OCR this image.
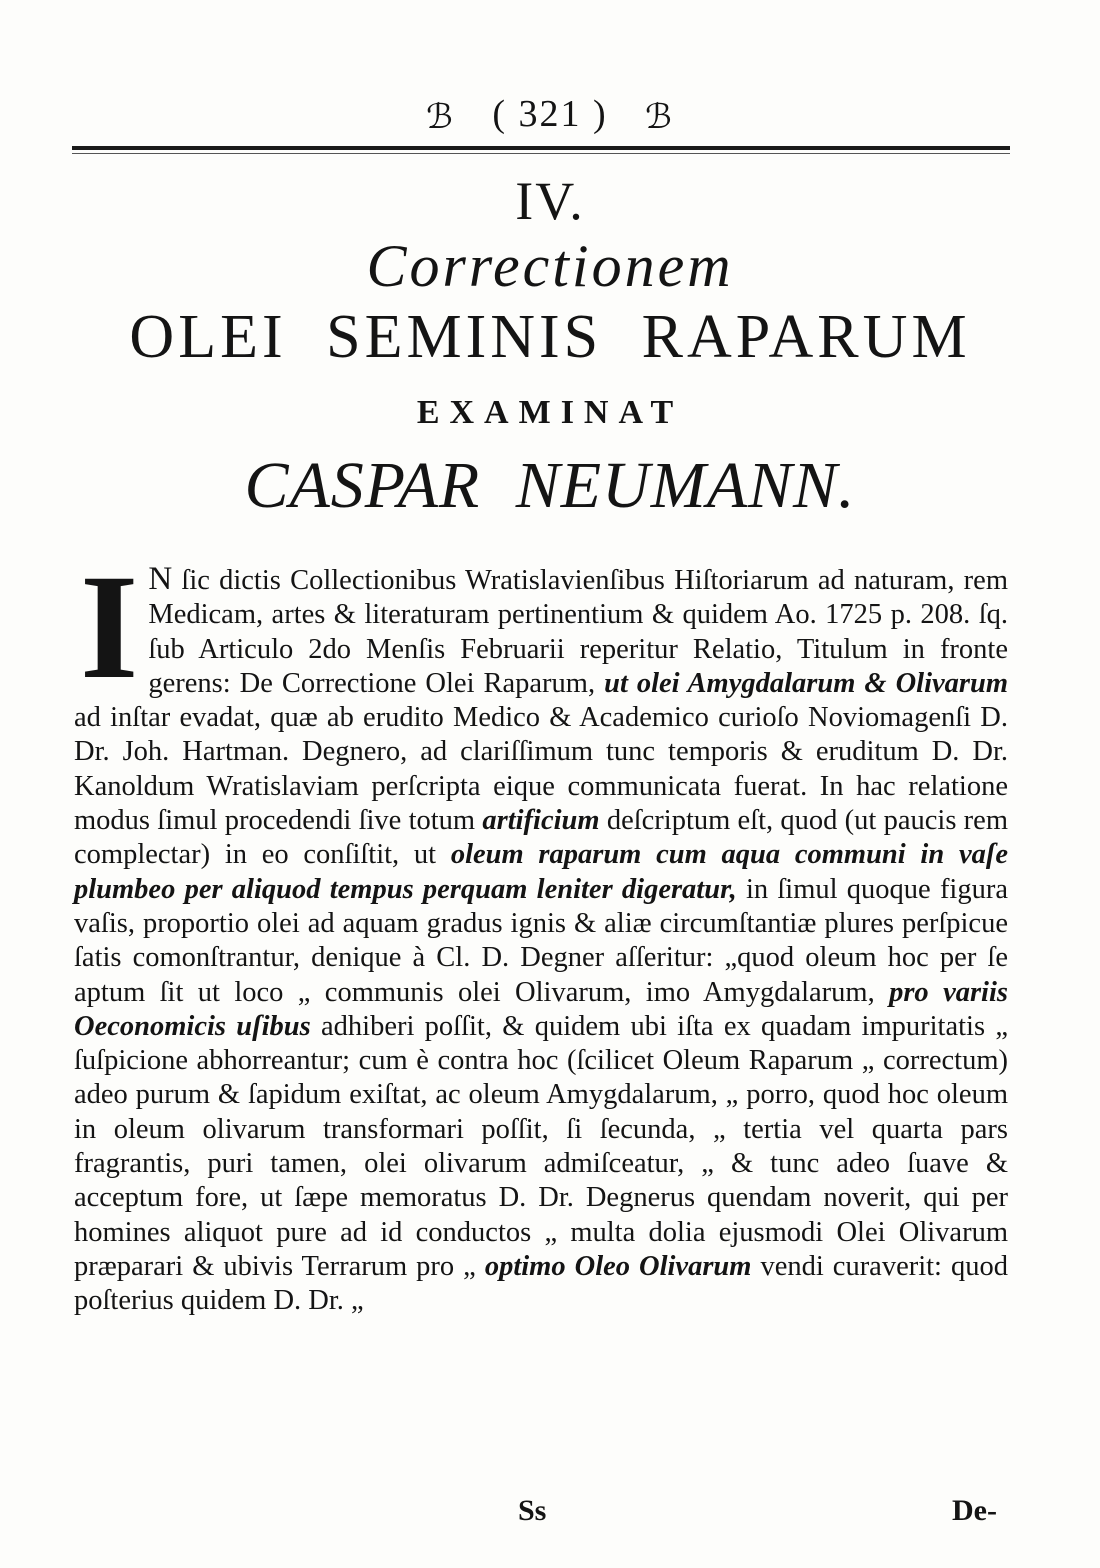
ℬ ( 321 ) ℬ
IV.
Correctionem
OLEI SEMINIS RAPARUM
EXAMINAT
CASPAR NEUMANN.
I N ſic dictis Collectionibus Wratislavienſibus Hiſtoriarum ad naturam, rem Medicam, artes & literaturam pertinentium & quidem Ao. 1725 p. 208. ſq. ſub Articulo 2do Menſis Februarii reperitur Relatio, Titulum in fronte gerens: De Correctione Olei Raparum, ut olei Amygdalarum & Olivarum ad inſtar evadat, quæ ab erudito Medico & Academico curioſo Noviomagenſi D. Dr. Joh. Hartman. Degnero, ad clariſſimum tunc temporis & eruditum D. Dr. Kanoldum Wratislaviam perſcripta eique communicata fuerat. In hac relatione modus ſimul procedendi ſive totum artificium deſcriptum eſt, quod (ut paucis rem complectar) in eo conſiſtit, ut oleum raparum cum aqua communi in vaſe plumbeo per aliquod tempus perquam leniter digeratur, in ſimul quoque figura vaſis, proportio olei ad aquam gradus ignis & aliæ circumſtantiæ plures perſpicue ſatis comonſtrantur, denique à Cl. D. Degner aſſeritur: „quod oleum hoc per ſe aptum ſit ut loco „ communis olei Olivarum, imo Amygdalarum, pro variis Oeconomicis uſibus adhiberi poſſit, & quidem ubi iſta ex quadam impuritatis „ ſuſpicione abhorreantur; cum è contra hoc (ſcilicet Oleum Raparum „ correctum) adeo purum & ſapidum exiſtat, ac oleum Amygdalarum, „ porro, quod hoc oleum in oleum olivarum transformari poſſit, ſi ſecunda, „ tertia vel quarta pars fragrantis, puri tamen, olei olivarum admiſceatur, „ & tunc adeo ſuave & acceptum fore, ut ſæpe memoratus D. Dr. Degnerus quendam noverit, qui per homines aliquot pure ad id conductos „ multa dolia ejusmodi Olei Olivarum præparari & ubivis Terrarum pro „ optimo Oleo Olivarum vendi curaverit: quod poſterius quidem D. Dr. „
Ss	De-
